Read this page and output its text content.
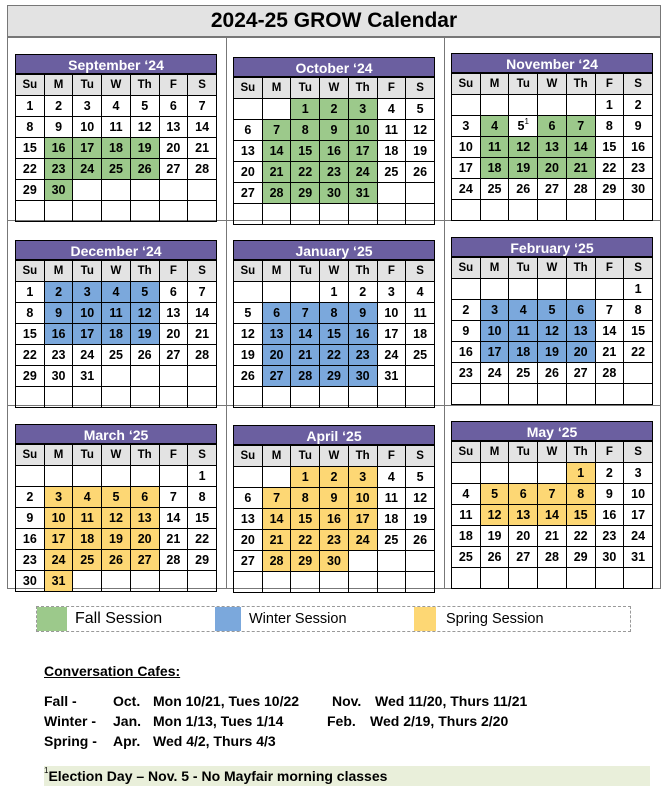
2024-25 GROW Calendar
September ‘24
Su	M	Tu	W	Th	F	S
1	2	3	4	5	6	7
8	9	10	11	12	13	14
15	16	17	18	19	20	21
22	23	24	25	26	27	28
29	30					

October ‘24
Su	M	Tu	W	Th	F	S
		1	2	3	4	5
6	7	8	9	10	11	12
13	14	15	16	17	18	19
20	21	22	23	24	25	26
27	28	29	30	31		

November ‘24
Su	M	Tu	W	Th	F	S
					1	2
3	4	$5^1$	6	7	8	9
10	11	12	13	14	15	16
17	18	19	20	21	22	23
24	25	26	27	28	29	30

December ‘24
Su	M	Tu	W	Th	F	S
1	2	3	4	5	6	7
8	9	10	11	12	13	14
15	16	17	18	19	20	21
22	23	24	25	26	27	28
29	30	31				

January ‘25
Su	M	Tu	W	Th	F	S
			1	2	3	4
5	6	7	8	9	10	11
12	13	14	15	16	17	18
19	20	21	22	23	24	25
26	27	28	29	30	31	

February ‘25
Su	M	Tu	W	Th	F	S
						1
2	3	4	5	6	7	8
9	10	11	12	13	14	15
16	17	18	19	20	21	22
23	24	25	26	27	28	

March ‘25
Su	M	Tu	W	Th	F	S
						1
2	3	4	5	6	7	8
9	10	11	12	13	14	15
16	17	18	19	20	21	22
23	24	25	26	27	28	29
30	31					
April ‘25
Su	M	Tu	W	Th	F	S
		1	2	3	4	5
6	7	8	9	10	11	12
13	14	15	16	17	18	19
20	21	22	23	24	25	26
27	28	29	30			

May ‘25
Su	M	Tu	W	Th	F	S
				1	2	3
4	5	6	7	8	9	10
11	12	13	14	15	16	17
18	19	20	21	22	23	24
25	26	27	28	29	30	31

Fall Session	Winter Session	Spring Session
Conversation Cafes:
Fall -	Oct. Mon 10/21, Tues 10/22 Nov. Wed 11/20, Thurs 11/21
Winter - Jan. Mon 1/13, Tues 1/14	Feb. Wed 2/19, Thurs 2/20
Spring - Apr. Wed 4/2, Thurs 4/3
$^1$Election Day – Nov. 5 - No Mayfair morning classes
